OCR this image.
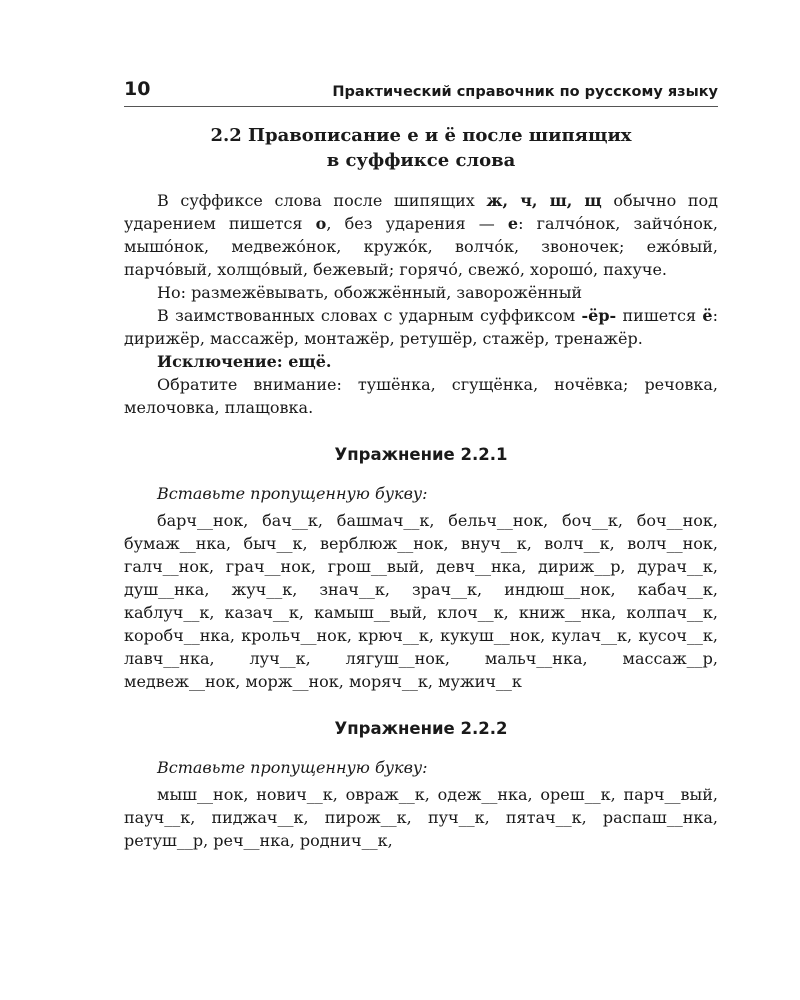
10	Практический справочник по русскому языку
2.2 Правописание е и ё после шипящих
в суффиксе слова

В суффиксе слова после шипящих ж, ч, ш, щ обычно под ударением пишется о, без ударения — е: галчóнок, зайчóнок, мышóнок, медвежóнок, кружóк, волчóк, звоночек; ежóвый, парчóвый, холщóвый, бежевый; горячó, свежó, хорошó, пахуче.

Но: размежёвывать, обожжённый, заворожённый

В заимствованных словах с ударным суффиксом -ёр- пишется ё: дирижёр, массажёр, монтажёр, ретушёр, стажёр, тренажёр.

Исключение: ещё.

Обратите внимание: тушёнка, сгущёнка, ночёвка; речовка, мелочовка, плащовка.

Упражнение 2.2.1

Вставьте пропущенную букву:

барч__нок, бач__к, башмач__к, бельч__нок, боч__к, боч__нок, бумаж__нка, быч__к, верблюж__нок, внуч__к, волч__к, волч__нок, галч__нок, грач__нок, грош__вый, девч__нка, дириж__р, дурач__к, душ__нка, жуч__к, знач__к, зрач__к, индюш__нок, кабач__к, каблуч__к, казач__к, камыш__вый, клоч__к, книж__нка, колпач__к, коробч__нка, крольч__нок, крюч__к, кукуш__нок, кулач__к, кусоч__к, лавч__нка, луч__к, лягуш__нок, мальч__нка, массаж__р, медвеж__нок, морж__нок, моряч__к, мужич__к

Упражнение 2.2.2

Вставьте пропущенную букву:

мыш__нок, нович__к, овраж__к, одеж__нка, ореш__к, парч__вый, пауч__к, пиджач__к, пирож__к, пуч__к, пятач__к, распаш__нка, ретуш__р, реч__нка, роднич__к,
